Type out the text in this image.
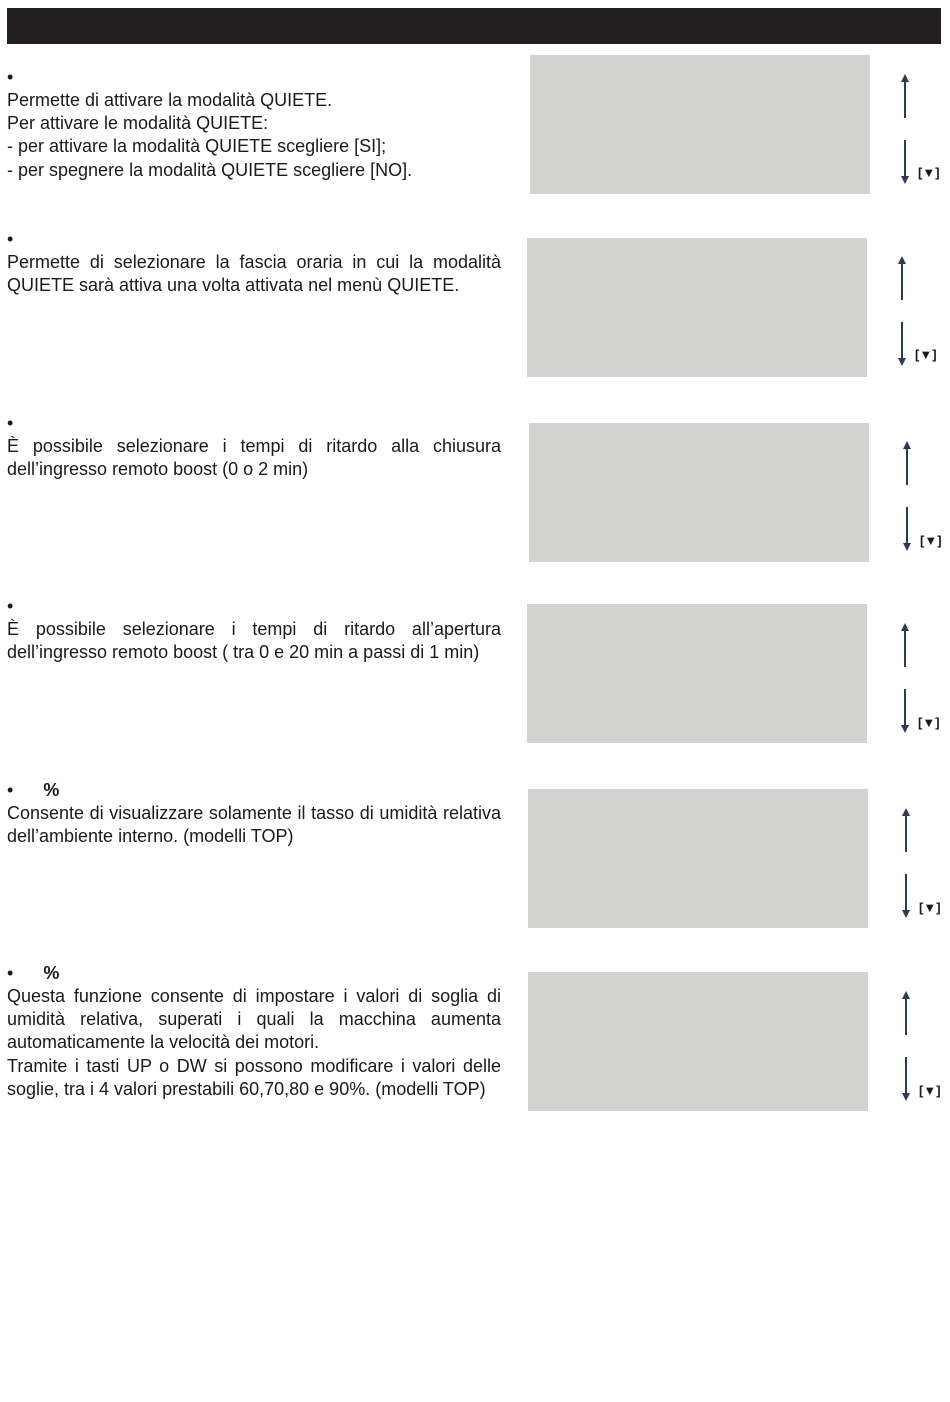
•

Permette di attivare la modalità QUIETE.

Per attivare le modalità QUIETE:

- per attivare la modalità QUIETE scegliere [SI];

- per spegnere la modalità QUIETE scegliere [NO].	[▼]
•

Permette di selezionare la fascia oraria in cui la modalità QUIETE sarà attiva una volta attivata nel menù QUIETE.

[▼]
•

È possibile selezionare i tempi di ritardo alla chiusura dell’ingresso remoto boost (0 o 2 min)

[▼]
•

È possibile selezionare i tempi di ritardo all’apertura dell’ingresso remoto boost ( tra 0 e 20 min a passi di 1 min)

[▼]
• %

Consente di visualizzare solamente il tasso di umidità relativa dell’ambiente interno. (modelli TOP)

[▼]
• %

Questa funzione consente di impostare i valori di soglia di umidità relativa, superati i quali la macchina aumenta automaticamente la velocità dei motori.

Tramite i tasti UP o DW si possono modificare i valori delle soglie, tra i 4 valori prestabili 60,70,80 e 90%. (modelli TOP)	[▼]
